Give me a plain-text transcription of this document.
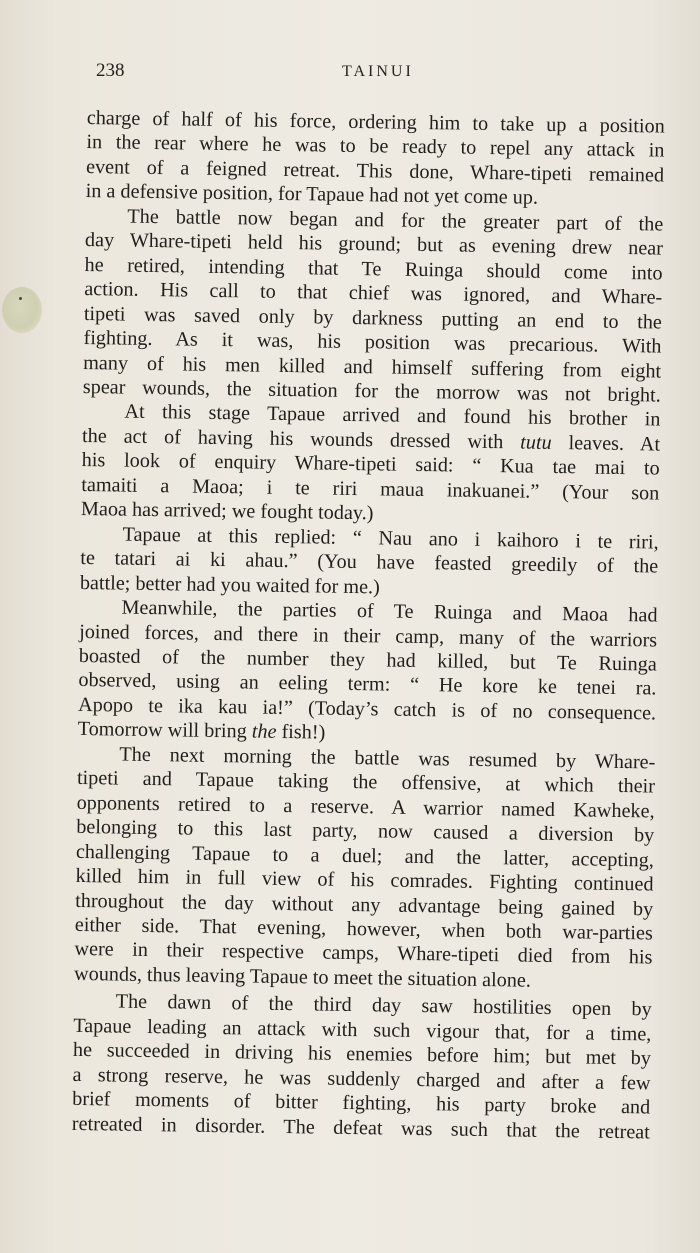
238	TAINUI

charge of half of his force, ordering him to take up a position
in the rear where he was to be ready to repel any attack in
event of a feigned retreat. This done, Whare-tipeti remained
in a defensive position, for Tapaue had not yet come up.

The battle now began and for the greater part of the
day Whare-tipeti held his ground; but as evening drew near
he retired, intending that Te Ruinga should come into
action. His call to that chief was ignored, and Whare-
tipeti was saved only by darkness putting an end to the
fighting. As it was, his position was precarious. With
many of his men killed and himself suffering from eight
spear wounds, the situation for the morrow was not bright.

At this stage Tapaue arrived and found his brother in
the act of having his wounds dressed with tutu leaves. At
his look of enquiry Whare-tipeti said: “ Kua tae mai to
tamaiti a Maoa; i te riri maua inakuanei.” (Your son
Maoa has arrived; we fought today.)

Tapaue at this replied: “ Nau ano i kaihoro i te riri,
te tatari ai ki ahau.” (You have feasted greedily of the
battle; better had you waited for me.)

Meanwhile, the parties of Te Ruinga and Maoa had
joined forces, and there in their camp, many of the warriors
boasted of the number they had killed, but Te Ruinga
observed, using an eeling term: “ He kore ke tenei ra.
Apopo te ika kau ia!” (Today’s catch is of no consequence.
Tomorrow will bring the fish!)

The next morning the battle was resumed by Whare-
tipeti and Tapaue taking the offensive, at which their
opponents retired to a reserve. A warrior named Kawheke,
belonging to this last party, now caused a diversion by
challenging Tapaue to a duel; and the latter, accepting,
killed him in full view of his comrades. Fighting continued
throughout the day without any advantage being gained by
either side. That evening, however, when both war-parties
were in their respective camps, Whare-tipeti died from his
wounds, thus leaving Tapaue to meet the situation alone.

The dawn of the third day saw hostilities open by
Tapaue leading an attack with such vigour that, for a time,
he succeeded in driving his enemies before him; but met by
a strong reserve, he was suddenly charged and after a few
brief moments of bitter fighting, his party broke and
retreated in disorder. The defeat was such that the retreat
